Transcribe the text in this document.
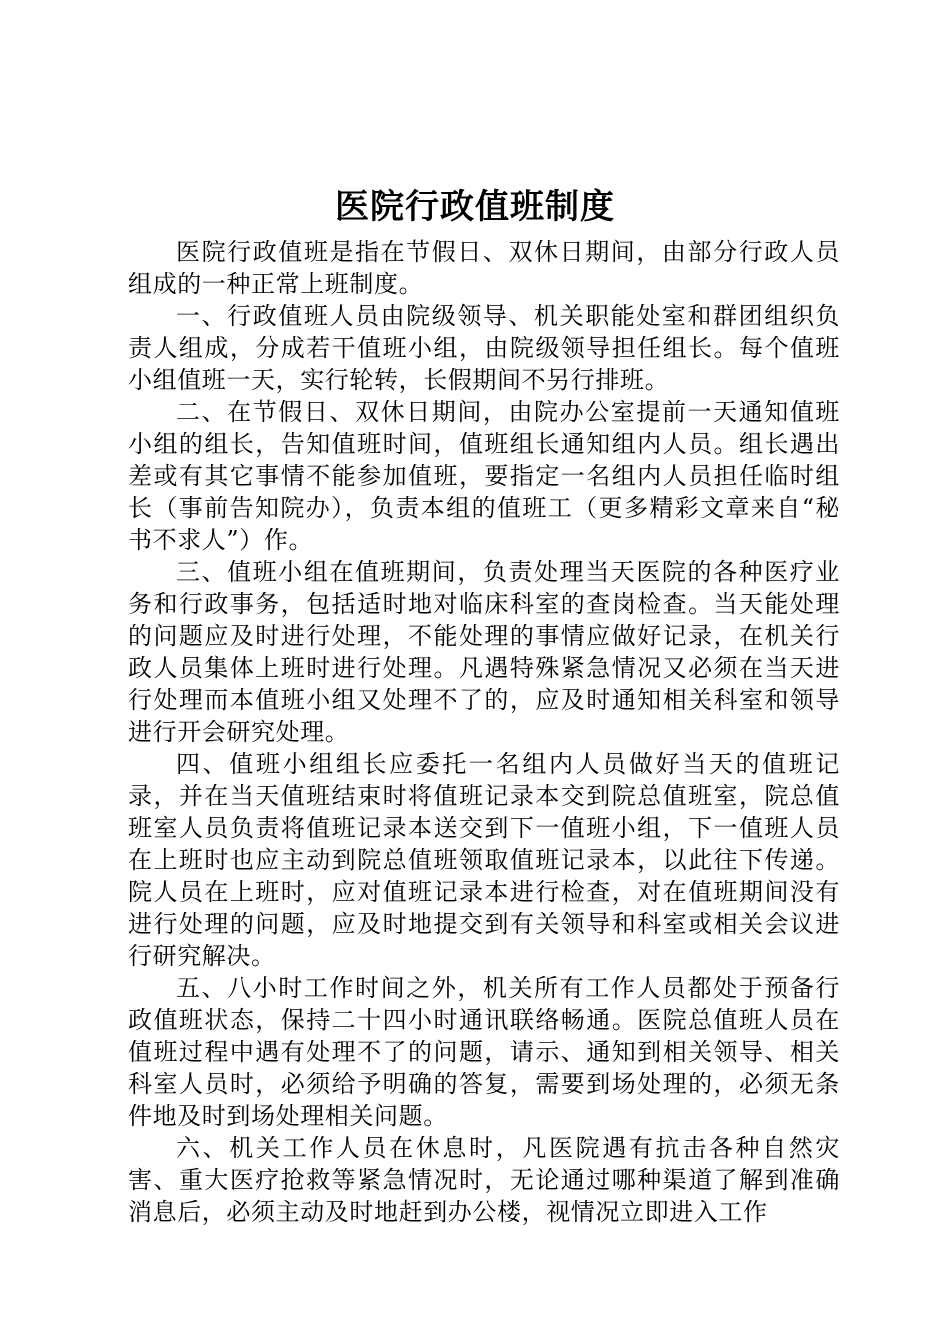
医院行政值班制度

医院行政值班是指在节假日、双休日期间，由部分行政人员组成的一种正常上班制度。

一、行政值班人员由院级领导、机关职能处室和群团组织负责人组成，分成若干值班小组，由院级领导担任组长。每个值班小组值班一天，实行轮转，长假期间不另行排班。

二、在节假日、双休日期间，由院办公室提前一天通知值班小组的组长，告知值班时间，值班组长通知组内人员。组长遇出差或有其它事情不能参加值班，要指定一名组内人员担任临时组长（事前告知院办），负责本组的值班工（更多精彩文章来自“秘书不求人”）作。

三、值班小组在值班期间，负责处理当天医院的各种医疗业务和行政事务，包括适时地对临床科室的查岗检查。当天能处理的问题应及时进行处理，不能处理的事情应做好记录，在机关行政人员集体上班时进行处理。凡遇特殊紧急情况又必须在当天进行处理而本值班小组又处理不了的，应及时通知相关科室和领导进行开会研究处理。

四、值班小组组长应委托一名组内人员做好当天的值班记录，并在当天值班结束时将值班记录本交到院总值班室，院总值班室人员负责将值班记录本送交到下一值班小组，下一值班人员在上班时也应主动到院总值班领取值班记录本，以此往下传递。院人员在上班时，应对值班记录本进行检查，对在值班期间没有进行处理的问题，应及时地提交到有关领导和科室或相关会议进行研究解决。

五、八小时工作时间之外，机关所有工作人员都处于预备行政值班状态，保持二十四小时通讯联络畅通。医院总值班人员在值班过程中遇有处理不了的问题，请示、通知到相关领导、相关科室人员时，必须给予明确的答复，需要到场处理的，必须无条件地及时到场处理相关问题。

六、机关工作人员在休息时，凡医院遇有抗击各种自然灾害、重大医疗抢救等紧急情况时，无论通过哪种渠道了解到准确消息后，必须主动及时地赶到办公楼，视情况立即进入工作
